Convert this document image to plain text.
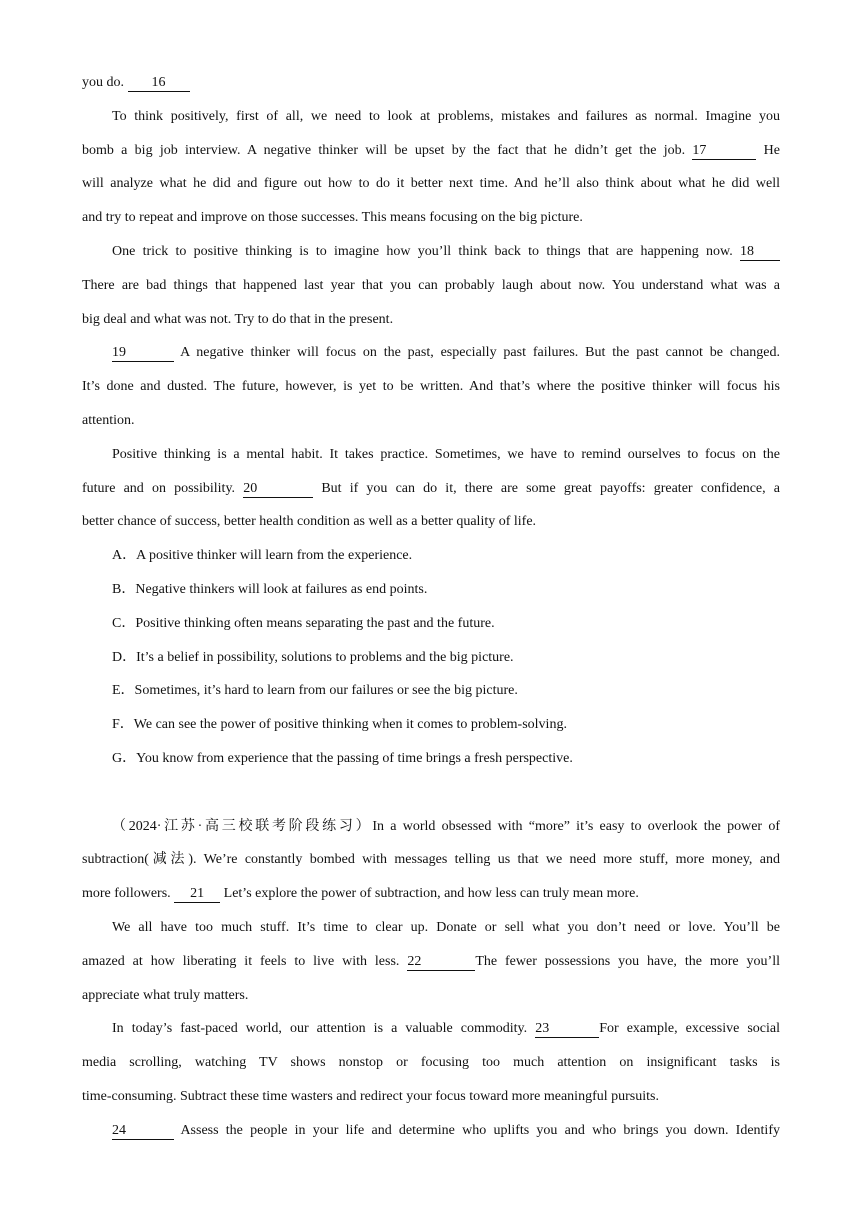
you do. 16
To think positively, first of all, we need to look at problems, mistakes and failures as normal. Imagine you
bomb a big job interview. A negative thinker will be upset by the fact that he didn’t get the job. 17	He
will analyze what he did and figure out how to do it better next time. And he’ll also think about what he did well
and try to repeat and improve on those successes. This means focusing on the big picture.
One trick to positive thinking is to imagine how you’ll think back to things that are happening now. 18
There are bad things that happened last year that you can probably laugh about now. You understand what was a
big deal and what was not. Try to do that in the present.
19	A negative thinker will focus on the past, especially past failures. But the past cannot be changed.
It’s done and dusted. The future, however, is yet to be written. And that’s where the positive thinker will focus his
attention.
Positive thinking is a mental habit. It takes practice. Sometimes, we have to remind ourselves to focus on the
future and on possibility. 20	But if you can do it, there are some great payoffs: greater confidence, a
better chance of success, better health condition as well as a better quality of life.
A．A positive thinker will learn from the experience.
B．Negative thinkers will look at failures as end points.
C．Positive thinking often means separating the past and the future.
D．It’s a belief in possibility, solutions to problems and the big picture.
E．Sometimes, it’s hard to learn from our failures or see the big picture.
F．We can see the power of positive thinking when it comes to problem-solving.
G．You know from experience that the passing of time brings a fresh perspective.
（2024·江苏·高三校联考阶段练习）In a world obsessed with “more” it’s easy to overlook the power of
subtraction(减法). We’re constantly bombed with messages telling us that we need more stuff, more money, and
more followers. 21 Let’s explore the power of subtraction, and how less can truly mean more.
We all have too much stuff. It’s time to clear up. Donate or sell what you don’t need or love. You’ll be
amazed at how liberating it feels to live with less. 22	The fewer possessions you have, the more you’ll
appreciate what truly matters.
In today’s fast-paced world, our attention is a valuable commodity. 23	For example, excessive social
media scrolling, watching TV shows nonstop or focusing too much attention on insignificant tasks is
time-consuming. Subtract these time wasters and redirect your focus toward more meaningful pursuits.
24	Assess the people in your life and determine who uplifts you and who brings you down. Identify
